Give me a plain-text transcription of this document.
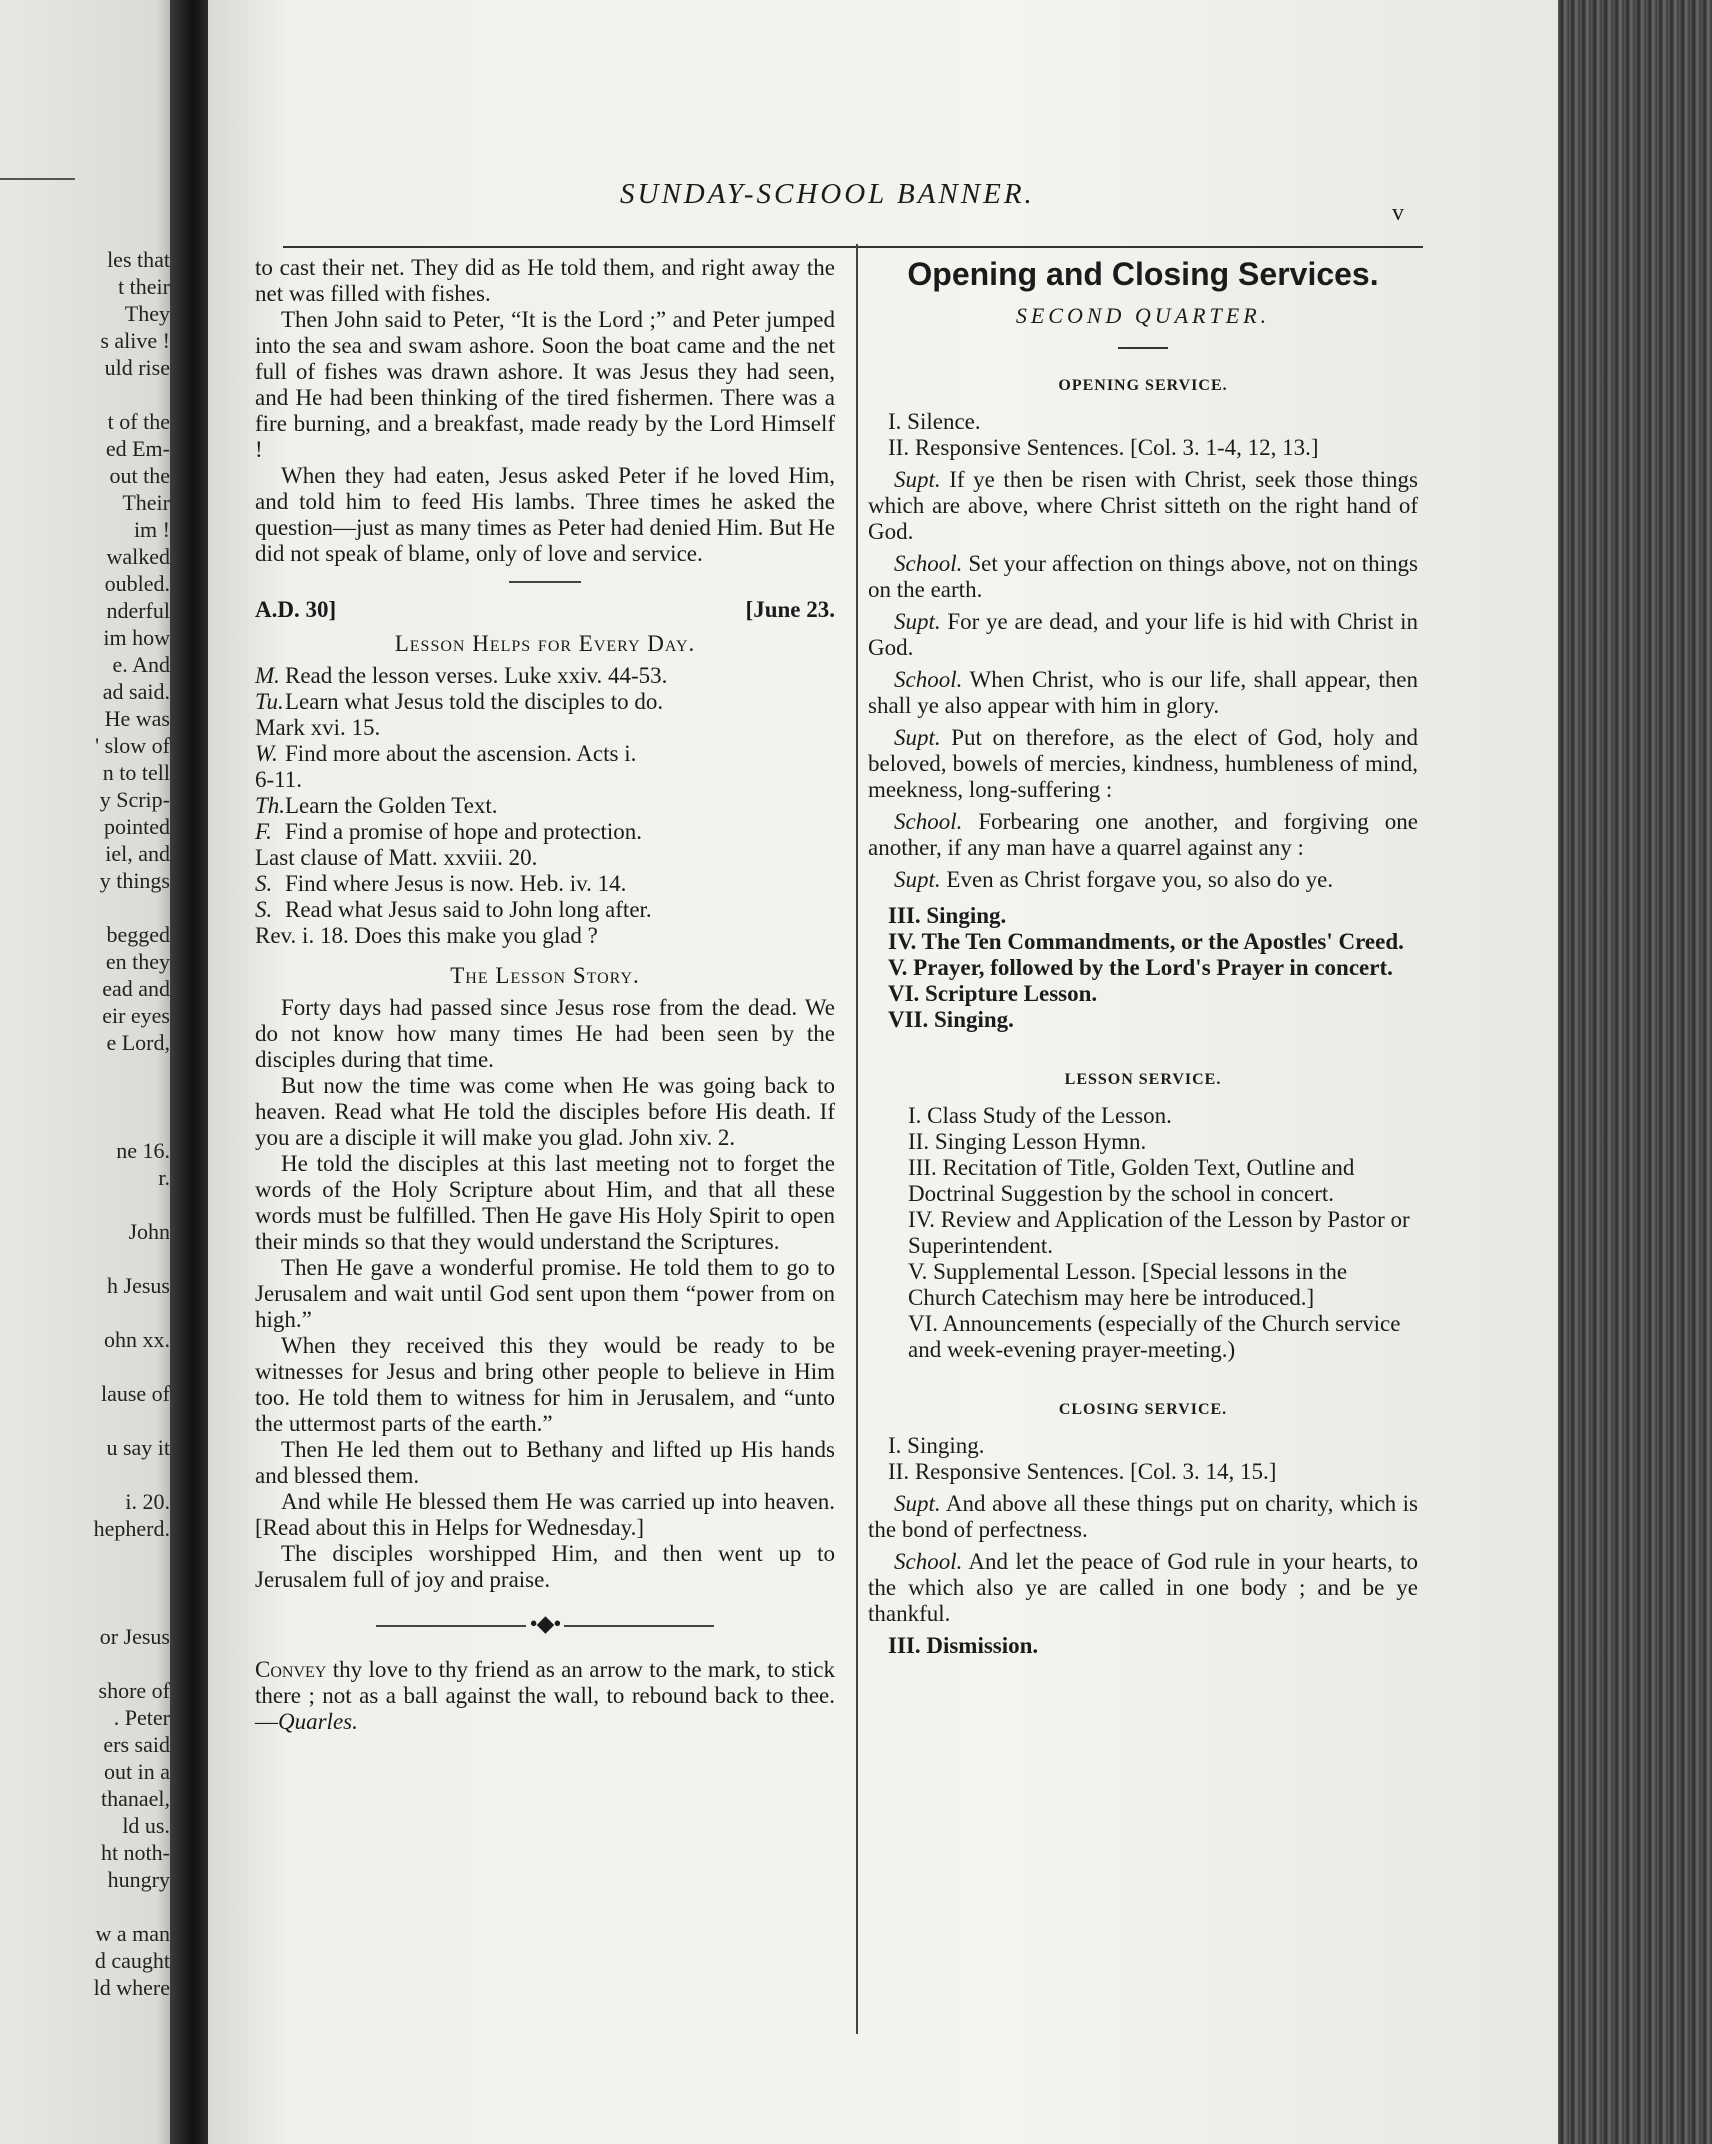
les that
t their
They
s alive !
uld rise
t of the
ed Em-
out the
Their
im !
walked
oubled.
nderful
im how
e. And
ad said.
He was
' slow of
n to tell
y Scrip-
pointed
iel, and
y things
begged
en they
ead and
eir eyes
e Lord,
ne 16.
r.
John
h Jesus
ohn xx.
lause of
u say it
i. 20.
hepherd.
or Jesus
shore of
. Peter
ers said
out in a
thanael,
ld us.
ht noth-
hungry
w a man
d caught
ld where
SUNDAY-SCHOOL BANNER.
v

to cast their net. They did as He told them, and right away the net was filled with fishes.

Then John said to Peter, “It is the Lord ;” and Peter jumped into the sea and swam ashore. Soon the boat came and the net full of fishes was drawn ashore. It was Jesus they had seen, and He had been thinking of the tired fishermen. There was a fire burning, and a breakfast, made ready by the Lord Himself !

When they had eaten, Jesus asked Peter if he loved Him, and told him to feed His lambs. Three times he asked the question—just as many times as Peter had denied Him. But He did not speak of blame, only of love and service.

A.D. 30]	[June 23.
Lesson Helps for Every Day.
M. Read the lesson verses. Luke xxiv. 44-53.
Tu. Learn what Jesus told the disciples to do.
Mark xvi. 15.
W. Find more about the ascension. Acts i.
6-11.
Th. Learn the Golden Text.
F. Find a promise of hope and protection.
Last clause of Matt. xxviii. 20.
S. Find where Jesus is now. Heb. iv. 14.
S. Read what Jesus said to John long after.
Rev. i. 18. Does this make you glad ?
The Lesson Story.

Forty days had passed since Jesus rose from the dead. We do not know how many times He had been seen by the disciples during that time.

But now the time was come when He was going back to heaven. Read what He told the disciples before His death. If you are a disciple it will make you glad. John xiv. 2.

He told the disciples at this last meeting not to forget the words of the Holy Scripture about Him, and that all these words must be fulfilled. Then He gave His Holy Spirit to open their minds so that they would understand the Scriptures.

Then He gave a wonderful promise. He told them to go to Jerusalem and wait until God sent upon them “power from on high.”

When they received this they would be ready to be witnesses for Jesus and bring other people to believe in Him too. He told them to witness for him in Jerusalem, and “unto the uttermost parts of the earth.”

Then He led them out to Bethany and lifted up His hands and blessed them.

And while He blessed them He was carried up into heaven. [Read about this in Helps for Wednesday.]

The disciples worshipped Him, and then went up to Jerusalem full of joy and praise.

•◆•

Convey thy love to thy friend as an arrow to the mark, to stick there ; not as a ball against the wall, to rebound back to thee.—Quarles.

Opening and Closing Services.
SECOND QUARTER.
OPENING SERVICE.
I. Silence.
II. Responsive Sentences. [Col. 3. 1-4, 12, 13.]

Supt. If ye then be risen with Christ, seek those things which are above, where Christ sitteth on the right hand of God.

School. Set your affection on things above, not on things on the earth.

Supt. For ye are dead, and your life is hid with Christ in God.

School. When Christ, who is our life, shall appear, then shall ye also appear with him in glory.

Supt. Put on therefore, as the elect of God, holy and beloved, bowels of mercies, kindness, humbleness of mind, meekness, long-suffering :

School. Forbearing one another, and forgiving one another, if any man have a quarrel against any :

Supt. Even as Christ forgave you, so also do ye.

III. Singing.
IV. The Ten Commandments, or the Apostles' Creed.
V. Prayer, followed by the Lord's Prayer in concert.
VI. Scripture Lesson.
VII. Singing.
LESSON SERVICE.
I. Class Study of the Lesson.
II. Singing Lesson Hymn.
III. Recitation of Title, Golden Text, Outline and Doctrinal Suggestion by the school in concert.
IV. Review and Application of the Lesson by Pastor or Superintendent.
V. Supplemental Lesson. [Special lessons in the Church Catechism may here be introduced.]
VI. Announcements (especially of the Church service and week-evening prayer-meeting.)
CLOSING SERVICE.
I. Singing.
II. Responsive Sentences. [Col. 3. 14, 15.]

Supt. And above all these things put on charity, which is the bond of perfectness.

School. And let the peace of God rule in your hearts, to the which also ye are called in one body ; and be ye thankful.

III. Dismission.
